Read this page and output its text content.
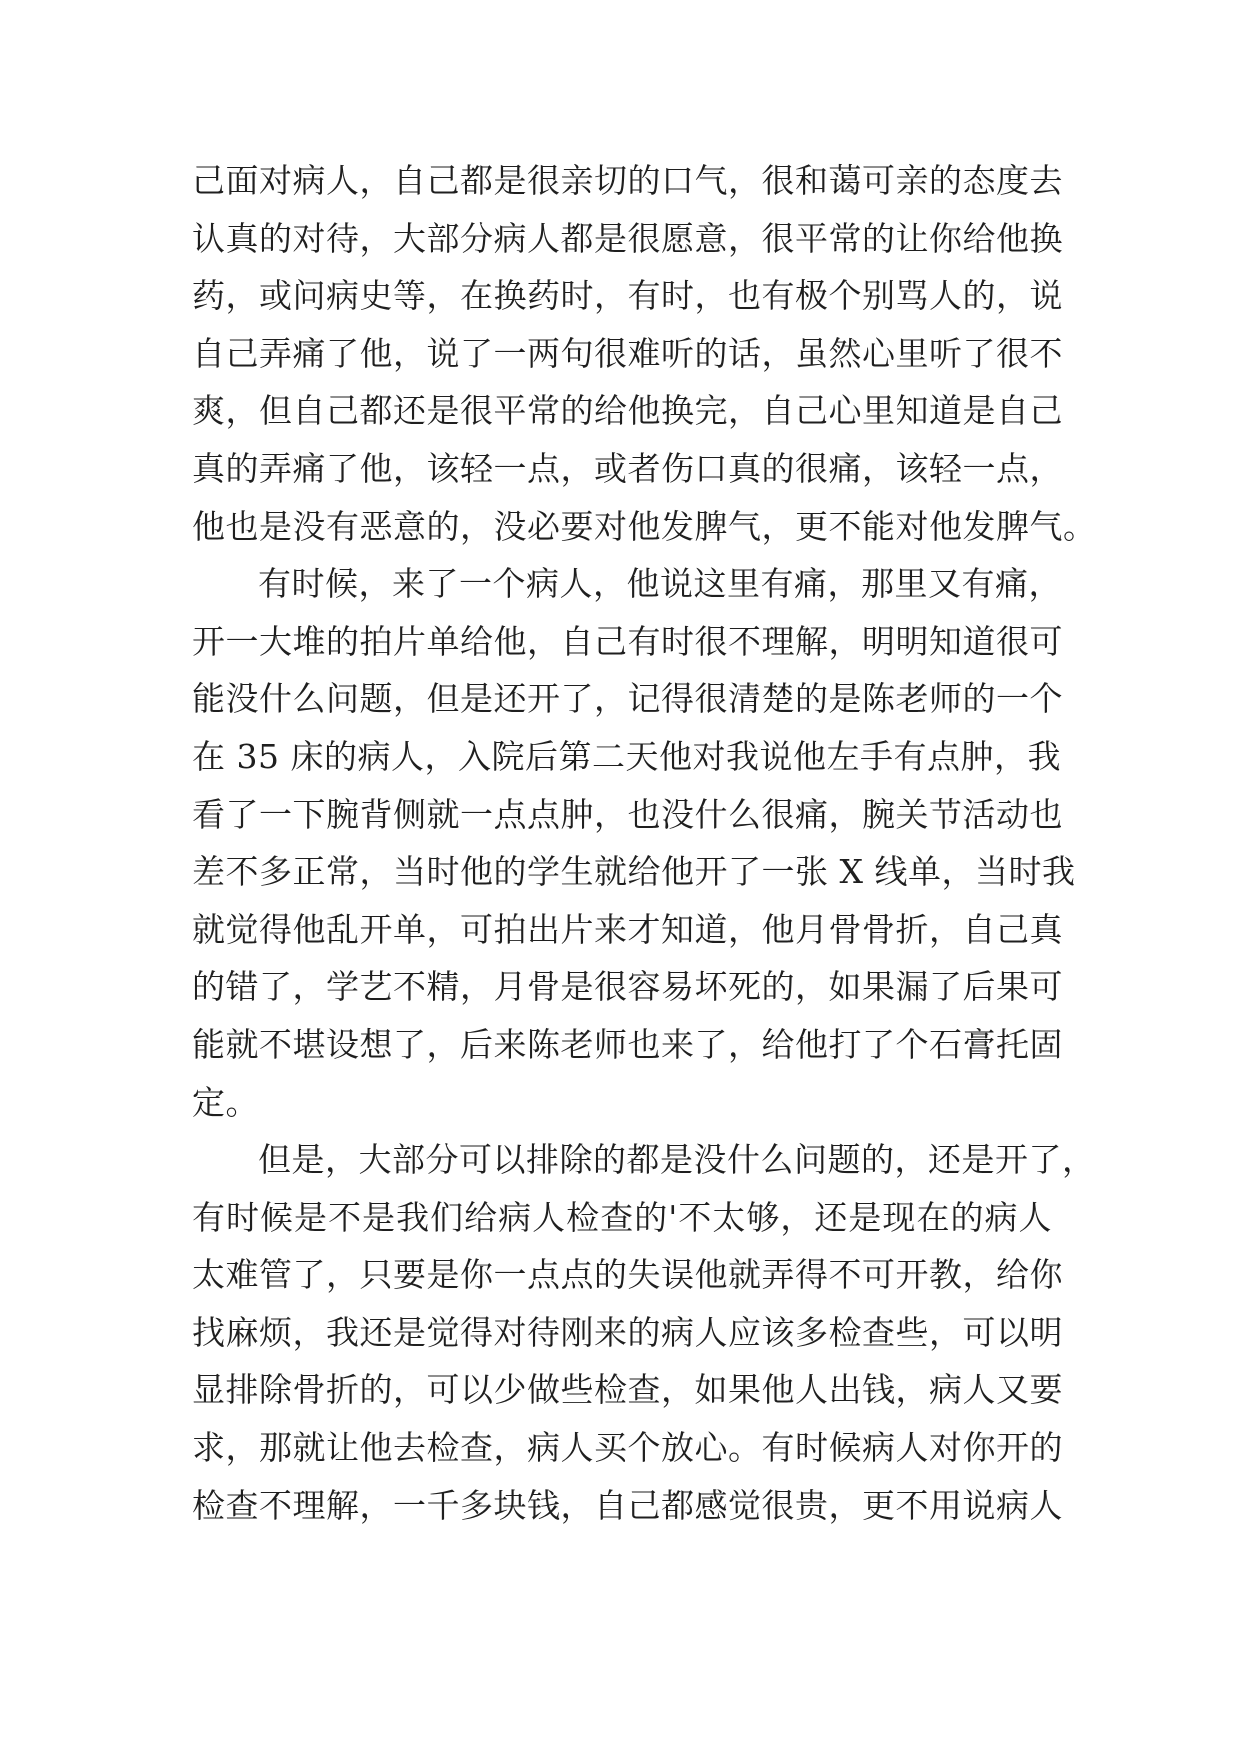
己面对病人，自己都是很亲切的口气，很和蔼可亲的态度去
认真的对待，大部分病人都是很愿意，很平常的让你给他换
药，或问病史等，在换药时，有时，也有极个别骂人的，说
自己弄痛了他，说了一两句很难听的话，虽然心里听了很不
爽，但自己都还是很平常的给他换完，自己心里知道是自己
真的弄痛了他，该轻一点，或者伤口真的很痛，该轻一点，
他也是没有恶意的，没必要对他发脾气，更不能对他发脾气。
有时候，来了一个病人，他说这里有痛，那里又有痛，
开一大堆的拍片单给他，自己有时很不理解，明明知道很可
能没什么问题，但是还开了，记得很清楚的是陈老师的一个
在 35 床的病人，入院后第二天他对我说他左手有点肿，我
看了一下腕背侧就一点点肿，也没什么很痛，腕关节活动也
差不多正常，当时他的学生就给他开了一张 X 线单，当时我
就觉得他乱开单，可拍出片来才知道，他月骨骨折，自己真
的错了，学艺不精，月骨是很容易坏死的，如果漏了后果可
能就不堪设想了，后来陈老师也来了，给他打了个石膏托固
定。
但是，大部分可以排除的都是没什么问题的，还是开了，
有时候是不是我们给病人检查的'不太够，还是现在的病人
太难管了，只要是你一点点的失误他就弄得不可开教，给你
找麻烦，我还是觉得对待刚来的病人应该多检查些，可以明
显排除骨折的，可以少做些检查，如果他人出钱，病人又要
求，那就让他去检查，病人买个放心。有时候病人对你开的
检查不理解，一千多块钱，自己都感觉很贵，更不用说病人
